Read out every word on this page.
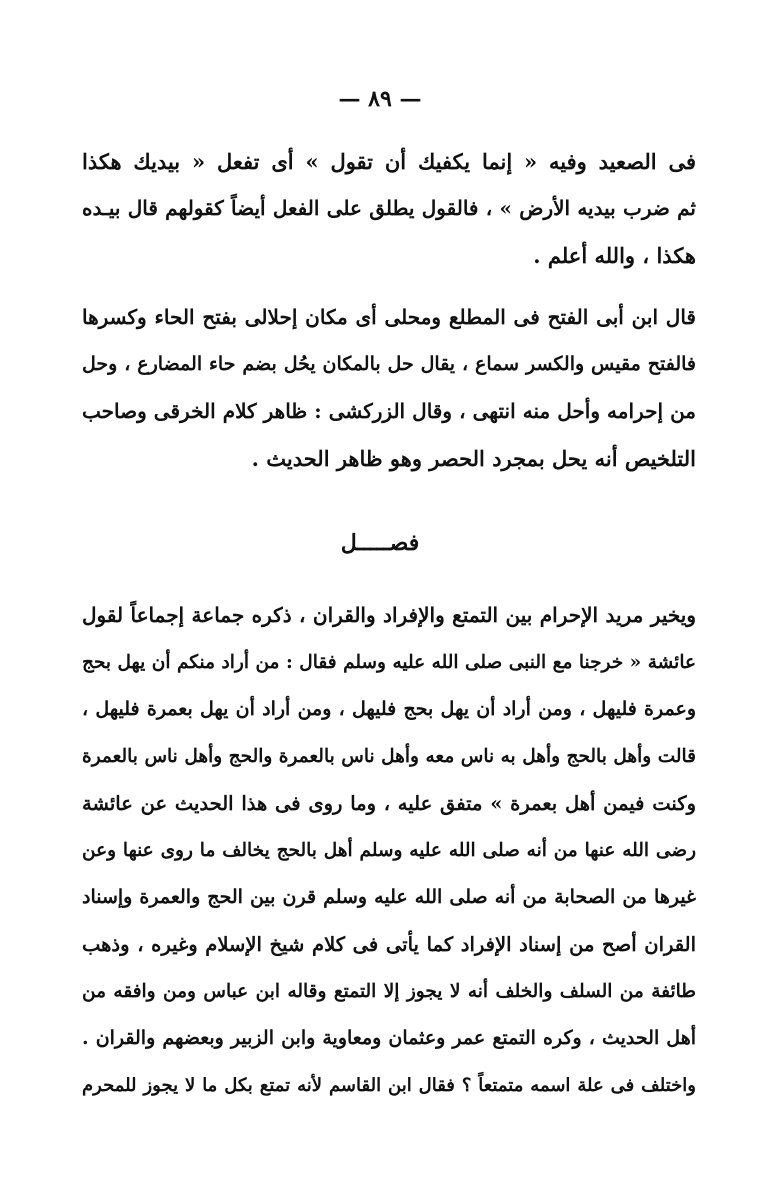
— ٨٩ —
فى الصعيد وفيه « إنما يكفيك أن تقول » أى تفعل « بيديك هكذا
ثم ضرب بيديه الأرض » ، فالقول يطلق على الفعل أيضاً كقولهم قال بيـده
هكذا ، والله أعلم .
قال ابن أبى الفتح فى المطلع ومحلى أى مكان إحلالى بفتح الحاء وكسرها
فالفتح مقيس والكسر سماع ، يقال حل بالمكان يحُل بضم حاء المضارع ، وحل
من إحرامه وأحل منه انتهى ، وقال الزركشى : ظاهر كلام الخرقى وصاحب
التلخيص أنه يحل بمجرد الحصر وهو ظاهر الحديث .
فصـــــل
ويخير مريد الإحرام بين التمتع والإفراد والقران ، ذكره جماعة إجماعاً لقول
عائشة « خرجنا مع النبى صلى الله عليه وسلم فقال : من أراد منكم أن يهل بحج
وعمرة فليهل ، ومن أراد أن يهل بحج فليهل ، ومن أراد أن يهل بعمرة فليهل ،
قالت وأهل بالحج وأهل به ناس معه وأهل ناس بالعمرة والحج وأهل ناس بالعمرة
وكنت فيمن أهل بعمرة » متفق عليه ، وما روى فى هذا الحديث عن عائشة
رضى الله عنها من أنه صلى الله عليه وسلم أهل بالحج يخالف ما روى عنها وعن
غيرها من الصحابة من أنه صلى الله عليه وسلم قرن بين الحج والعمرة وإسناد
القران أصح من إسناد الإفراد كما يأتى فى كلام شيخ الإسلام وغيره ، وذهب
طائفة من السلف والخلف أنه لا يجوز إلا التمتع وقاله ابن عباس ومن وافقه من
أهل الحديث ، وكره التمتع عمر وعثمان ومعاوية وابن الزبير وبعضهم والقران .
واختلف فى علة اسمه متمتعاً ؟ فقال ابن القاسم لأنه تمتع بكل ما لا يجوز للمحرم
